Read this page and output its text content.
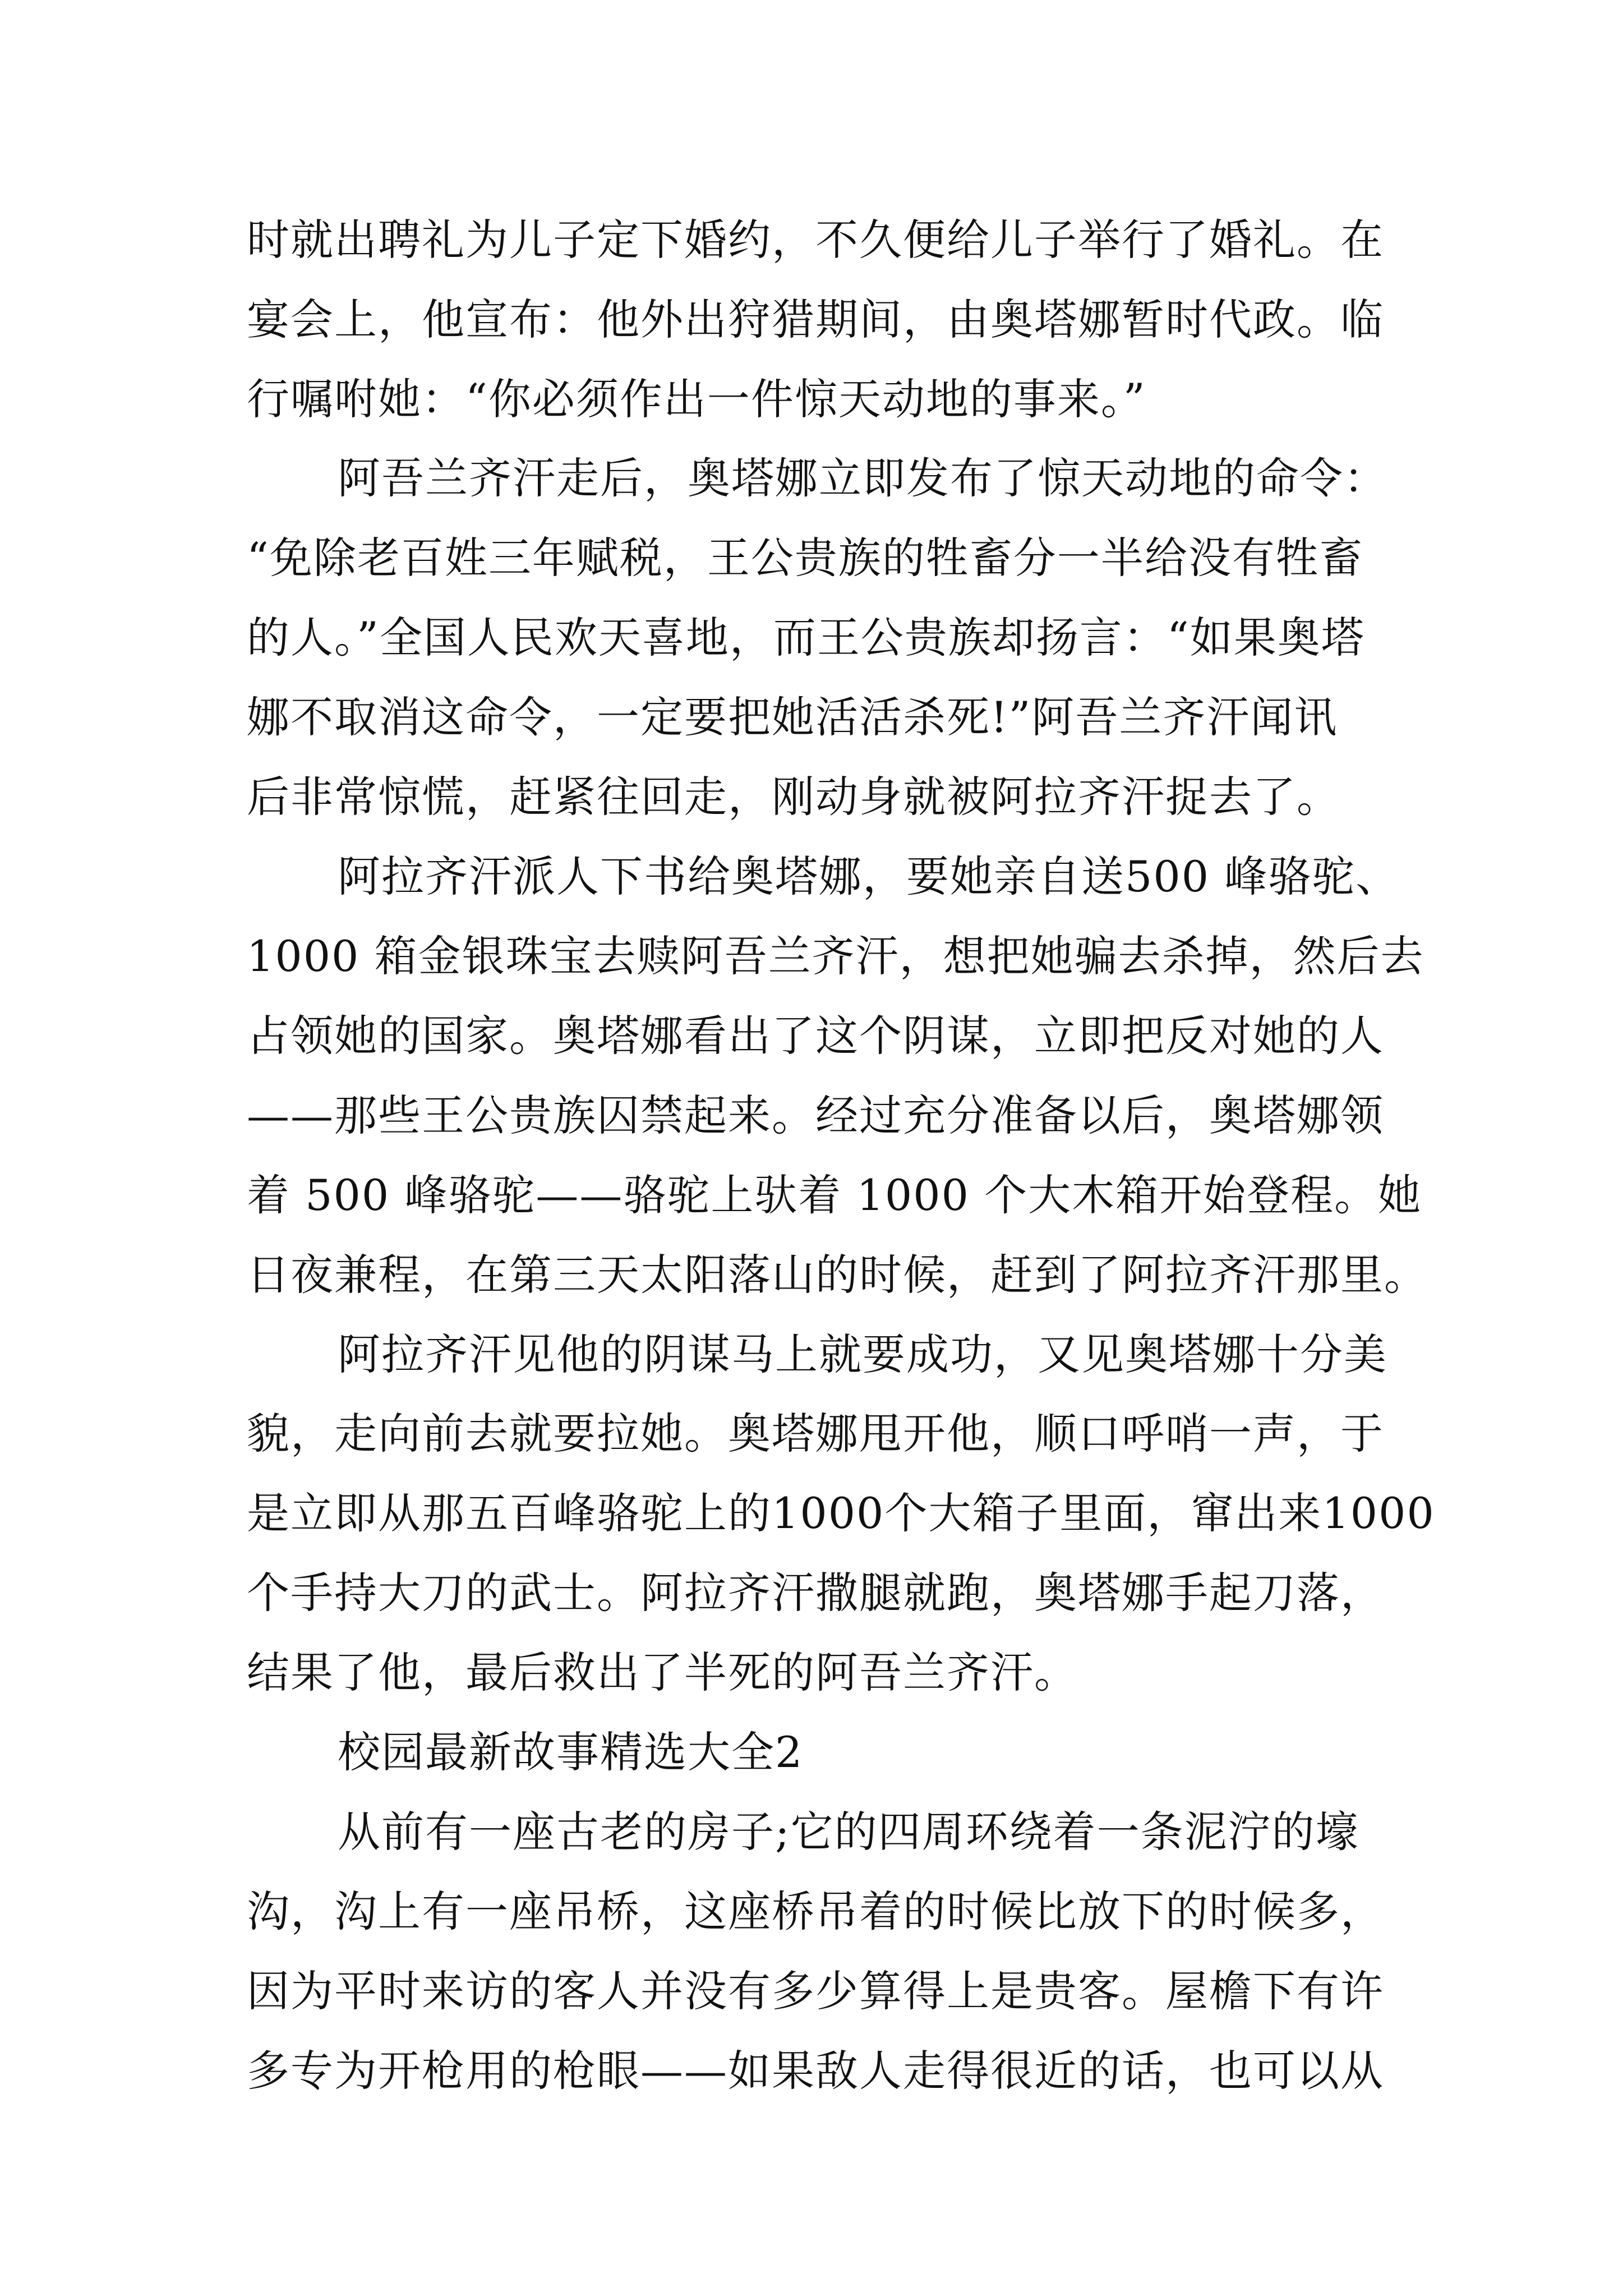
时就出聘礼为儿子定下婚约，不久便给儿子举行了婚礼。在
宴会上，他宣布：他外出狩猎期间，由奥塔娜暂时代政。临
行嘱咐她：“你必须作出一件惊天动地的事来。”
阿吾兰齐汗走后，奥塔娜立即发布了惊天动地的命令：
“免除老百姓三年赋税，王公贵族的牲畜分一半给没有牲畜
的人。”全国人民欢天喜地，而王公贵族却扬言：“如果奥塔
娜不取消这命令，一定要把她活活杀死!”阿吾兰齐汗闻讯
后非常惊慌，赶紧往回走，刚动身就被阿拉齐汗捉去了。
阿拉齐汗派人下书给奥塔娜，要她亲自送500 峰骆驼、
1000 箱金银珠宝去赎阿吾兰齐汗，想把她骗去杀掉，然后去
占领她的国家。奥塔娜看出了这个阴谋，立即把反对她的人
——那些王公贵族囚禁起来。经过充分准备以后，奥塔娜领
着 500 峰骆驼——骆驼上驮着 1000 个大木箱开始登程。她
日夜兼程，在第三天太阳落山的时候，赶到了阿拉齐汗那里。
阿拉齐汗见他的阴谋马上就要成功，又见奥塔娜十分美
貌，走向前去就要拉她。奥塔娜甩开他，顺口呼哨一声，于
是立即从那五百峰骆驼上的1000个大箱子里面，窜出来1000
个手持大刀的武士。阿拉齐汗撒腿就跑，奥塔娜手起刀落，
结果了他，最后救出了半死的阿吾兰齐汗。
校园最新故事精选大全2
从前有一座古老的房子;它的四周环绕着一条泥泞的壕
沟，沟上有一座吊桥，这座桥吊着的时候比放下的时候多，
因为平时来访的客人并没有多少算得上是贵客。屋檐下有许
多专为开枪用的枪眼——如果敌人走得很近的话，也可以从
